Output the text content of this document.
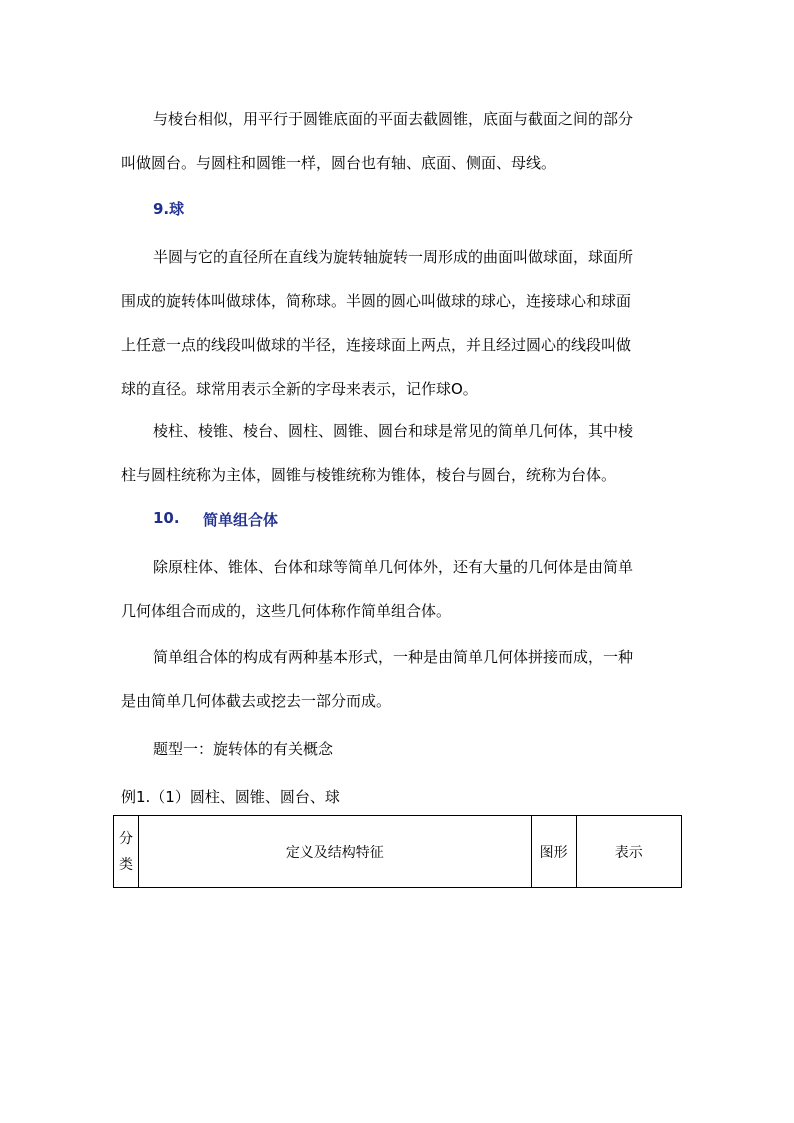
与棱台相似，用平行于圆锥底面的平面去截圆锥，底面与截面之间的部分
叫做圆台。与圆柱和圆锥一样，圆台也有轴、底面、侧面、母线。
9.球
半圆与它的直径所在直线为旋转轴旋转一周形成的曲面叫做球面，球面所
围成的旋转体叫做球体，简称球。半圆的圆心叫做球的球心，连接球心和球面
上任意一点的线段叫做球的半径，连接球面上两点，并且经过圆心的线段叫做
球的直径。球常用表示全新的字母来表示，记作球O。
棱柱、棱锥、棱台、圆柱、圆锥、圆台和球是常见的简单几何体，其中棱
柱与圆柱统称为主体，圆锥与棱锥统称为锥体，棱台与圆台，统称为台体。
10. 简单组合体
除原柱体、锥体、台体和球等简单几何体外，还有大量的几何体是由简单
几何体组合而成的，这些几何体称作简单组合体。
简单组合体的构成有两种基本形式，一种是由简单几何体拼接而成，一种
是由简单几何体截去或挖去一部分而成。
题型一：旋转体的有关概念
例1.（1）圆柱、圆锥、圆台、球
分
类
	定义及结构特征	图形	表示
